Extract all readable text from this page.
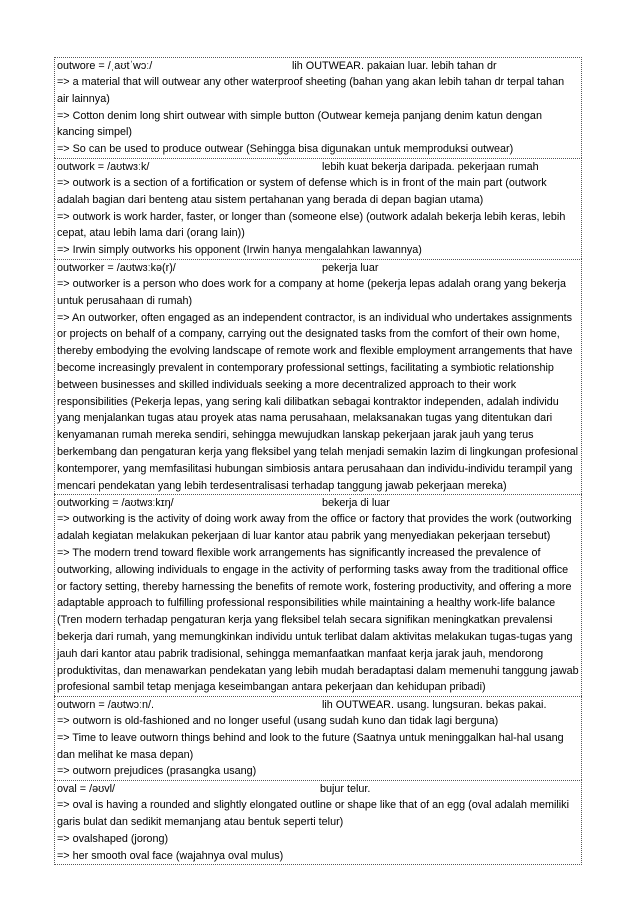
outwore = /ˌaʊtˈwɔː/	lih OUTWEAR. pakaian luar. lebih tahan dr
=> a material that will outwear any other waterproof sheeting (bahan yang akan lebih tahan dr terpal tahan air lainnya)
=> Cotton denim long shirt outwear with simple button (Outwear kemeja panjang denim katun dengan kancing simpel)
=> So can be used to produce outwear (Sehingga bisa digunakan untuk memproduksi outwear)
outwork = /aʊtwɜːk/	lebih kuat bekerja daripada. pekerjaan rumah
=> outwork is a section of a fortification or system of defense which is in front of the main part (outwork adalah bagian dari benteng atau sistem pertahanan yang berada di depan bagian utama)
=> outwork is work harder, faster, or longer than (someone else) (outwork adalah bekerja lebih keras, lebih cepat, atau lebih lama dari (orang lain))
=> Irwin simply outworks his opponent (Irwin hanya mengalahkan lawannya)
outworker = /aʊtwɜːkə(r)/	pekerja luar
=> outworker is a person who does work for a company at home (pekerja lepas adalah orang yang bekerja untuk perusahaan di rumah)
=> An outworker, often engaged as an independent contractor, is an individual who undertakes assignments or projects on behalf of a company, carrying out the designated tasks from the comfort of their own home, thereby embodying the evolving landscape of remote work and flexible employment arrangements that have become increasingly prevalent in contemporary professional settings, facilitating a symbiotic relationship between businesses and skilled individuals seeking a more decentralized approach to their work responsibilities (Pekerja lepas, yang sering kali dilibatkan sebagai kontraktor independen, adalah individu yang menjalankan tugas atau proyek atas nama perusahaan, melaksanakan tugas yang ditentukan dari kenyamanan rumah mereka sendiri, sehingga mewujudkan lanskap pekerjaan jarak jauh yang terus berkembang dan pengaturan kerja yang fleksibel yang telah menjadi semakin lazim di lingkungan profesional kontemporer, yang memfasilitasi hubungan simbiosis antara perusahaan dan individu-individu terampil yang mencari pendekatan yang lebih terdesentralisasi terhadap tanggung jawab pekerjaan mereka)
outworking = /aʊtwɜːkɪŋ/	bekerja di luar
=> outworking is the activity of doing work away from the office or factory that provides the work (outworking adalah kegiatan melakukan pekerjaan di luar kantor atau pabrik yang menyediakan pekerjaan tersebut)
=> The modern trend toward flexible work arrangements has significantly increased the prevalence of outworking, allowing individuals to engage in the activity of performing tasks away from the traditional office or factory setting, thereby harnessing the benefits of remote work, fostering productivity, and offering a more adaptable approach to fulfilling professional responsibilities while maintaining a healthy work-life balance (Tren modern terhadap pengaturan kerja yang fleksibel telah secara signifikan meningkatkan prevalensi bekerja dari rumah, yang memungkinkan individu untuk terlibat dalam aktivitas melakukan tugas-tugas yang jauh dari kantor atau pabrik tradisional, sehingga memanfaatkan manfaat kerja jarak jauh, mendorong produktivitas, dan menawarkan pendekatan yang lebih mudah beradaptasi dalam memenuhi tanggung jawab profesional sambil tetap menjaga keseimbangan antara pekerjaan dan kehidupan pribadi)
outworn = /aʊtwɔːn/.	lih OUTWEAR. usang. lungsuran. bekas pakai.
=> outworn is old-fashioned and no longer useful (usang sudah kuno dan tidak lagi berguna)
=> Time to leave outworn things behind and look to the future (Saatnya untuk meninggalkan hal-hal usang dan melihat ke masa depan)
=> outworn prejudices (prasangka usang)
oval = /əʊvl/	bujur telur.
=> oval is having a rounded and slightly elongated outline or shape like that of an egg (oval adalah memiliki garis bulat dan sedikit memanjang atau bentuk seperti telur)
=> ovalshaped (jorong)
=> her smooth oval face (wajahnya oval mulus)
